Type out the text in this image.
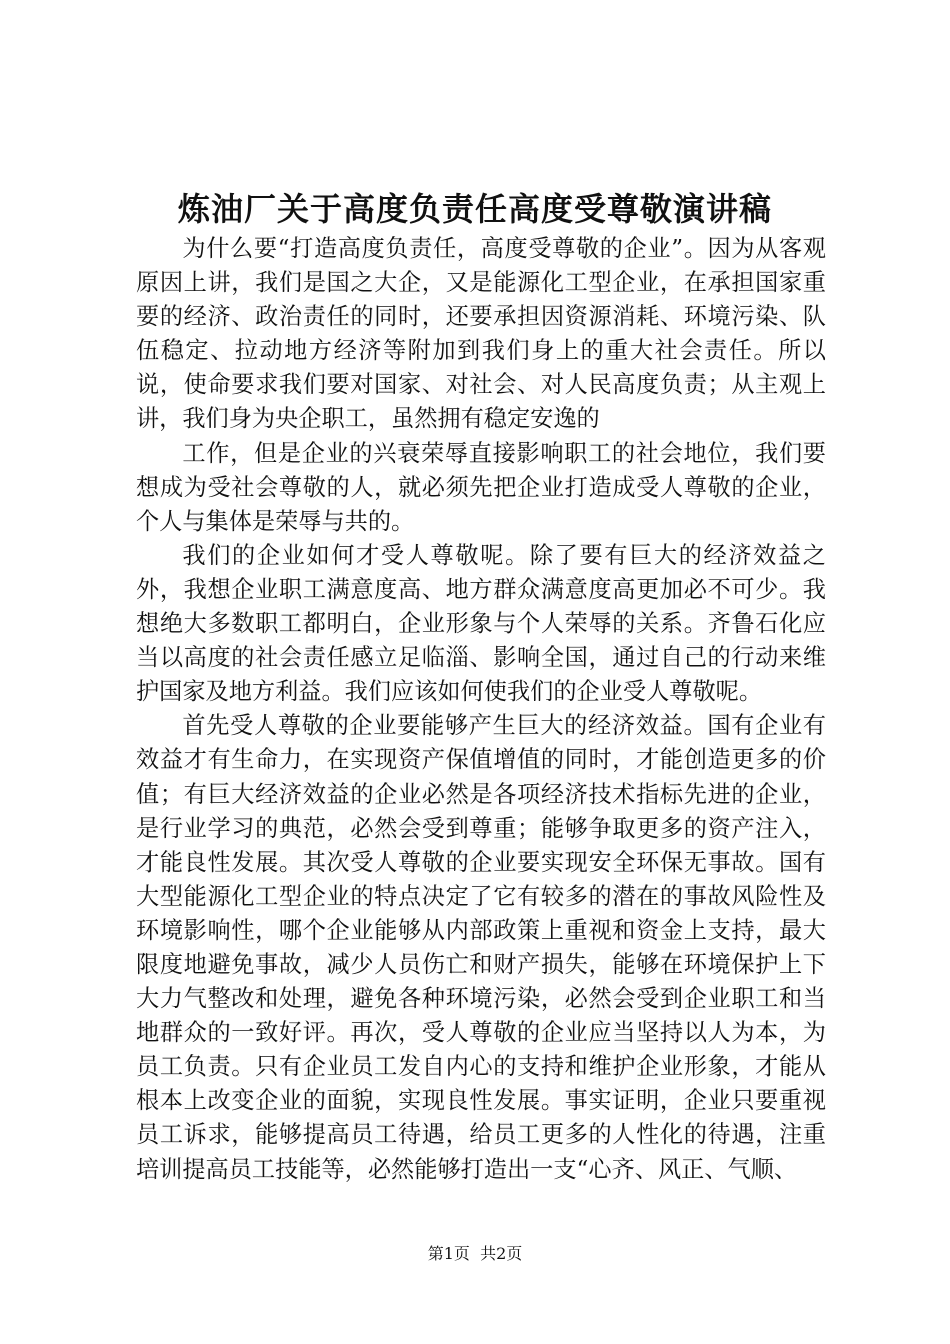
炼油厂关于高度负责任高度受尊敬演讲稿

为什么要“打造高度负责任，高度受尊敬的企业”。因为从客观原因上讲，我们是国之大企，又是能源化工型企业，在承担国家重要的经济、政治责任的同时，还要承担因资源消耗、环境污染、队伍稳定、拉动地方经济等附加到我们身上的重大社会责任。所以说，使命要求我们要对国家、对社会、对人民高度负责；从主观上讲，我们身为央企职工，虽然拥有稳定安逸的

工作，但是企业的兴衰荣辱直接影响职工的社会地位，我们要想成为受社会尊敬的人，就必须先把企业打造成受人尊敬的企业，个人与集体是荣辱与共的。

我们的企业如何才受人尊敬呢。除了要有巨大的经济效益之外，我想企业职工满意度高、地方群众满意度高更加必不可少。我想绝大多数职工都明白，企业形象与个人荣辱的关系。齐鲁石化应当以高度的社会责任感立足临淄、影响全国，通过自己的行动来维护国家及地方利益。我们应该如何使我们的企业受人尊敬呢。

首先受人尊敬的企业要能够产生巨大的经济效益。国有企业有效益才有生命力，在实现资产保值增值的同时，才能创造更多的价值；有巨大经济效益的企业必然是各项经济技术指标先进的企业，是行业学习的典范，必然会受到尊重；能够争取更多的资产注入，才能良性发展。其次受人尊敬的企业要实现安全环保无事故。国有大型能源化工型企业的特点决定了它有较多的潜在的事故风险性及环境影响性，哪个企业能够从内部政策上重视和资金上支持，最大限度地避免事故，减少人员伤亡和财产损失，能够在环境保护上下大力气整改和处理，避免各种环境污染，必然会受到企业职工和当地群众的一致好评。再次，受人尊敬的企业应当坚持以人为本，为员工负责。只有企业员工发自内心的支持和维护企业形象，才能从根本上改变企业的面貌，实现良性发展。事实证明，企业只要重视员工诉求，能够提高员工待遇，给员工更多的人性化的待遇，注重培训提高员工技能等，必然能够打造出一支“心齐、风正、气顺、

第1页  共2页
